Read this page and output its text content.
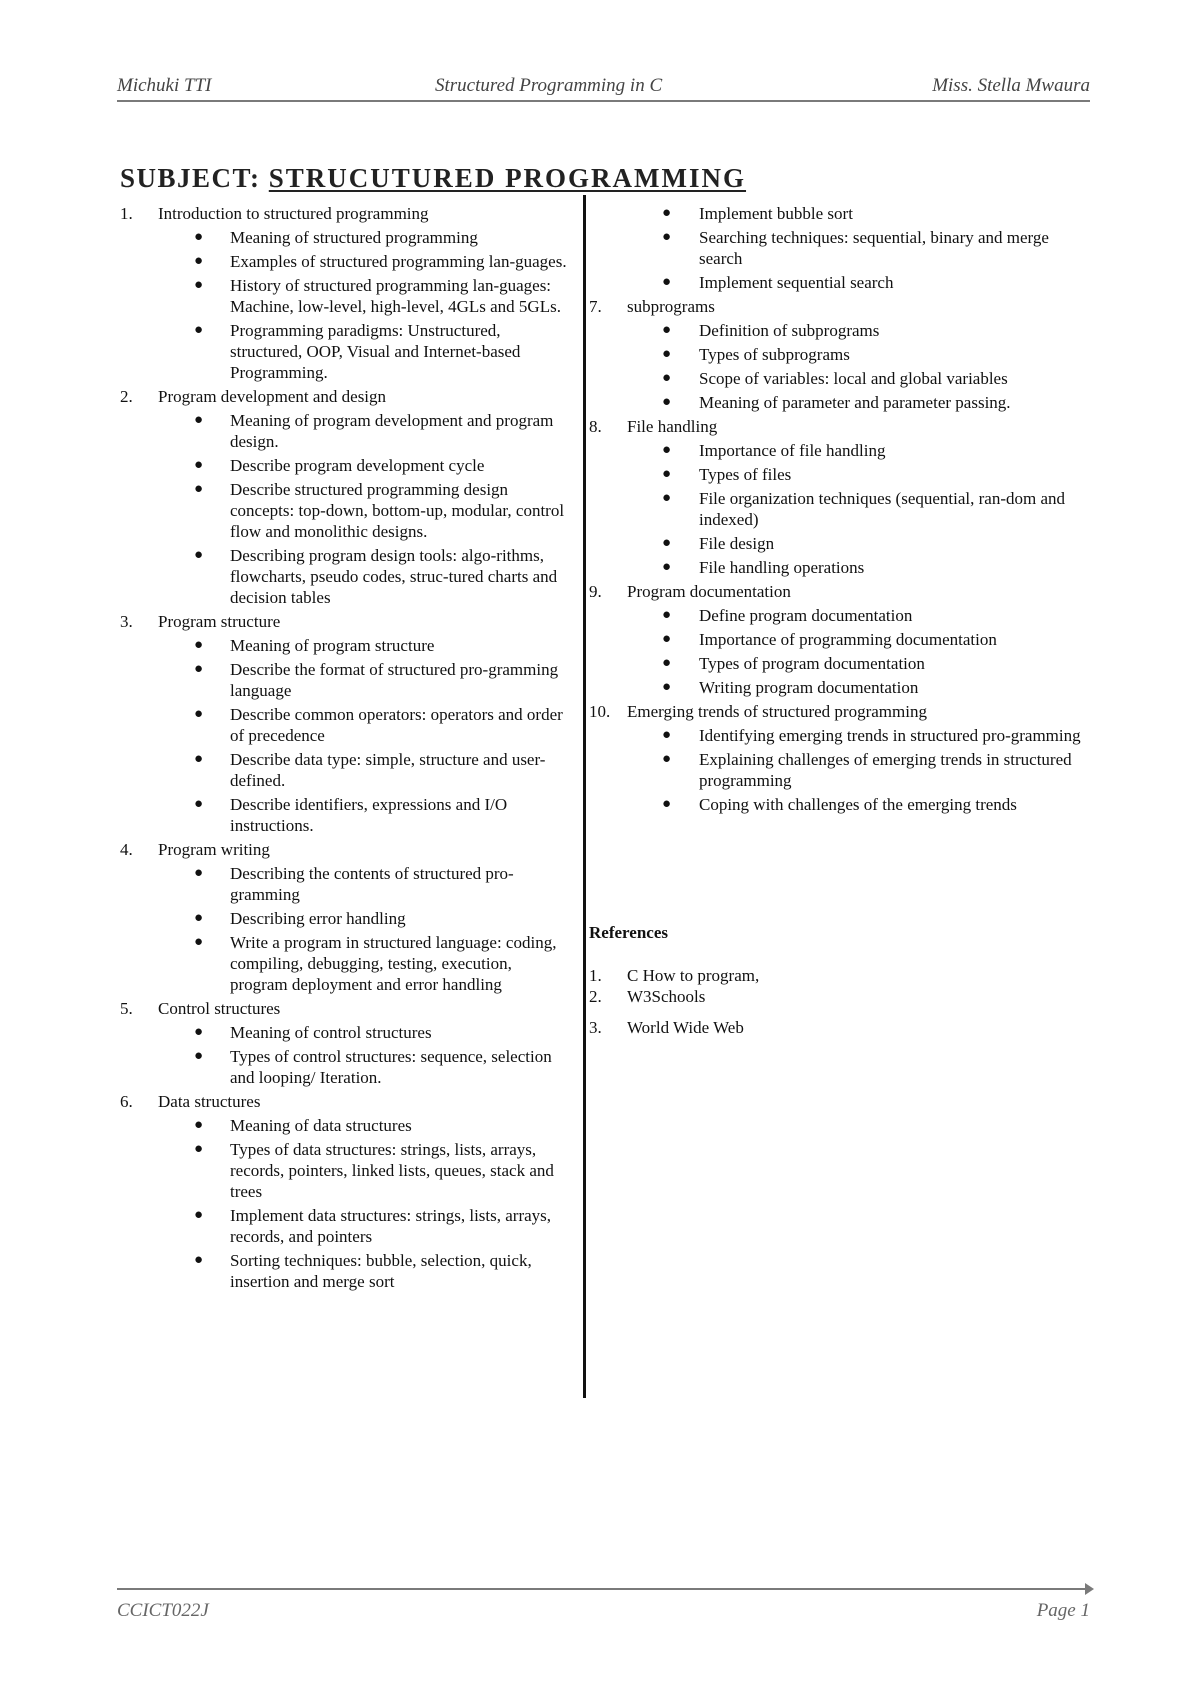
Michuki TTI	Structured Programming in C	Miss. Stella Mwaura
SUBJECT: STRUCUTURED PROGRAMMING
1. Introduction to structured programming
● Meaning of structured programming
● Examples of structured programming lan-guages.
● History of structured programming lan-guages: Machine, low-level, high-level, 4GLs and 5GLs.
● Programming paradigms: Unstructured, structured, OOP, Visual and Internet-based Programming.
2. Program development and design
● Meaning of program development and program design.
● Describe program development cycle
● Describe structured programming design concepts: top-down, bottom-up, modular, control flow and monolithic designs.
● Describing program design tools: algo-rithms, flowcharts, pseudo codes, struc-tured charts and decision tables
3. Program structure
● Meaning of program structure
● Describe the format of structured pro-gramming language
● Describe common operators: operators and order of precedence
● Describe data type: simple, structure and user-defined.
● Describe identifiers, expressions and I/O instructions.
4. Program writing
● Describing the contents of structured pro-gramming
● Describing error handling
● Write a program in structured language: coding, compiling, debugging, testing, execution, program deployment and error handling
5. Control structures
● Meaning of control structures
● Types of control structures: sequence, selection and looping/ Iteration.
6. Data structures
● Meaning of data structures
● Types of data structures: strings, lists, arrays, records, pointers, linked lists, queues, stack and trees
● Implement data structures: strings, lists, arrays, records, and pointers
● Sorting techniques: bubble, selection, quick, insertion and merge sort
● Implement bubble sort
● Searching techniques: sequential, binary and merge search
● Implement sequential search
7. subprograms
● Definition of subprograms
● Types of subprograms
● Scope of variables: local and global variables
● Meaning of parameter and parameter passing.
8. File handling
● Importance of file handling
● Types of files
● File organization techniques (sequential, ran-dom and indexed)
● File design
● File handling operations
9. Program documentation
● Define program documentation
● Importance of programming documentation
● Types of program documentation
● Writing program documentation
10. Emerging trends of structured programming
● Identifying emerging trends in structured pro-gramming
● Explaining challenges of emerging trends in structured programming
● Coping with challenges of the emerging trends
References
1. C How to program,
2. W3Schools
3. World Wide Web
CCICT022J	Page 1
